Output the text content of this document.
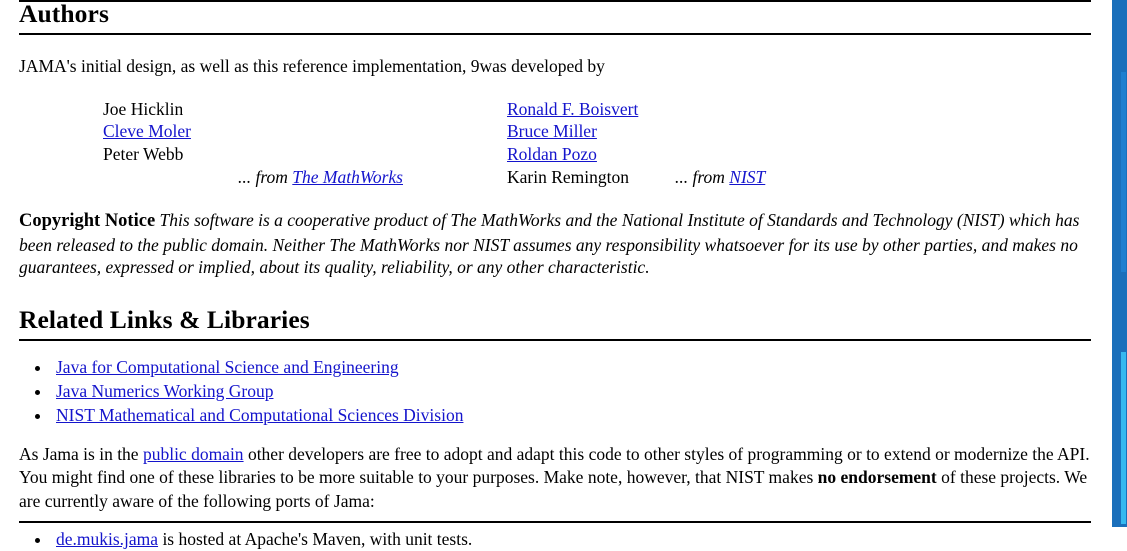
Authors

JAMA's initial design, as well as this reference implementation, 9was developed by

Joe Hicklin	Ronald F. Boisvert
Cleve Moler	Bruce Miller
Peter Webb	Roldan Pozo
... from The MathWorks	Karin Remington ... from NIST

Copyright Notice This software is a cooperative product of The MathWorks and the National Institute of Standards and Technology (NIST) which has been released to the public domain. Neither The MathWorks nor NIST assumes any responsibility whatsoever for its use by other parties, and makes no guarantees, expressed or implied, about its quality, reliability, or any other characteristic.

Related Links & Libraries
• Java for Computational Science and Engineering
• Java Numerics Working Group
• NIST Mathematical and Computational Sciences Division

As Jama is in the public domain other developers are free to adopt and adapt this code to other styles of programming or to extend or modernize the API. You might find one of these libraries to be more suitable to your purposes. Make note, however, that NIST makes no endorsement of these projects. We are currently aware of the following ports of Jama:

• de.mukis.jama is hosted at Apache's Maven, with unit tests.
